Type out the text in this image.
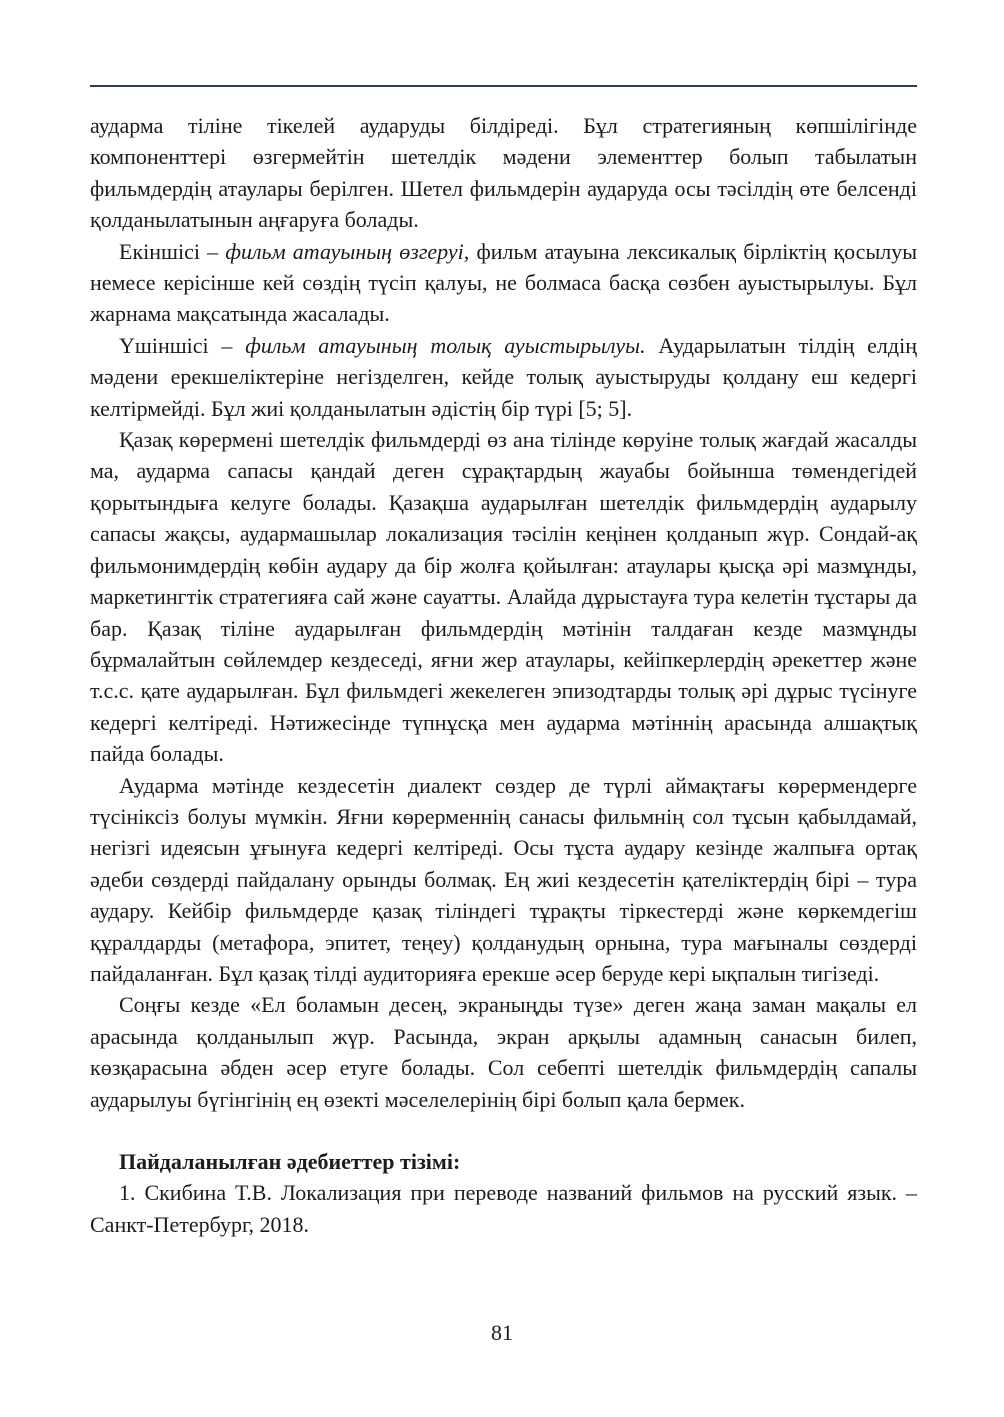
аударма тіліне тікелей аударуды білдіреді. Бұл стратегияның көпшілігінде компоненттері өзгермейтін шетелдік мәдени элементтер болып табылатын фильмдердің атаулары берілген. Шетел фильмдерін аударуда осы тәсілдің өте белсенді қолданылатынын аңғаруға болады.

Екіншісі – фильм атауының өзгеруі, фильм атауына лексикалық бірліктің қосылуы немесе керісінше кей сөздің түсіп қалуы, не болмаса басқа сөзбен ауыстырылуы. Бұл жарнама мақсатында жасалады.

Үшіншісі – фильм атауының толық ауыстырылуы. Аударылатын тілдің елдің мәдени ерекшеліктеріне негізделген, кейде толық ауыстыруды қолдану еш кедергі келтірмейді. Бұл жиі қолданылатын әдістің бір түрі [5; 5].

Қазақ көрермені шетелдік фильмдерді өз ана тілінде көруіне толық жағдай жасалды ма, аударма сапасы қандай деген сұрақтардың жауабы бойынша төмендегідей қорытындыға келуге болады. Қазақша аударылған шетелдік фильмдердің аударылу сапасы жақсы, аудармашылар локализация тәсілін кеңінен қолданып жүр. Сондай-ақ фильмонимдердің көбін аудару да бір жолға қойылған: атаулары қысқа әрі мазмұнды, маркетингтік стратегияға сай және сауатты. Алайда дұрыстауға тура келетін тұстары да бар. Қазақ тіліне аударылған фильмдердің мәтінін талдаған кезде мазмұнды бұрмалайтын сөйлемдер кездеседі, яғни жер атаулары, кейіпкерлердің әрекеттер және т.с.с. қате аударылған. Бұл фильмдегі жекелеген эпизодтарды толық әрі дұрыс түсінуге кедергі келтіреді. Нәтижесінде түпнұсқа мен аударма мәтіннің арасында алшақтық пайда болады.

Аударма мәтінде кездесетін диалект сөздер де түрлі аймақтағы көрермендерге түсініксіз болуы мүмкін. Яғни көрерменнің санасы фильмнің сол тұсын қабылдамай, негізгі идеясын ұғынуға кедергі келтіреді. Осы тұста аудару кезінде жалпыға ортақ әдеби сөздерді пайдалану орынды болмақ. Ең жиі кездесетін қателіктердің бірі – тура аудару. Кейбір фильмдерде қазақ тіліндегі тұрақты тіркестерді және көркемдегіш құралдарды (метафора, эпитет, теңеу) қолданудың орнына, тура мағыналы сөздерді пайдаланған. Бұл қазақ тілді аудиторияға ерекше әсер беруде кері ықпалын тигізеді.

Соңғы кезде «Ел боламын десең, экраныңды түзе» деген жаңа заман мақалы ел арасында қолданылып жүр. Расында, экран арқылы адамның санасын билеп, көзқарасына әбден әсер етуге болады. Сол себепті шетелдік фильмдердің сапалы аударылуы бүгінгінің ең өзекті мәселелерінің бірі болып қала бермек.

Пайдаланылған әдебиеттер тізімі:

1. Скибина Т.В. Локализация при переводе названий фильмов на русский язык. – Санкт-Петербург, 2018.

81
